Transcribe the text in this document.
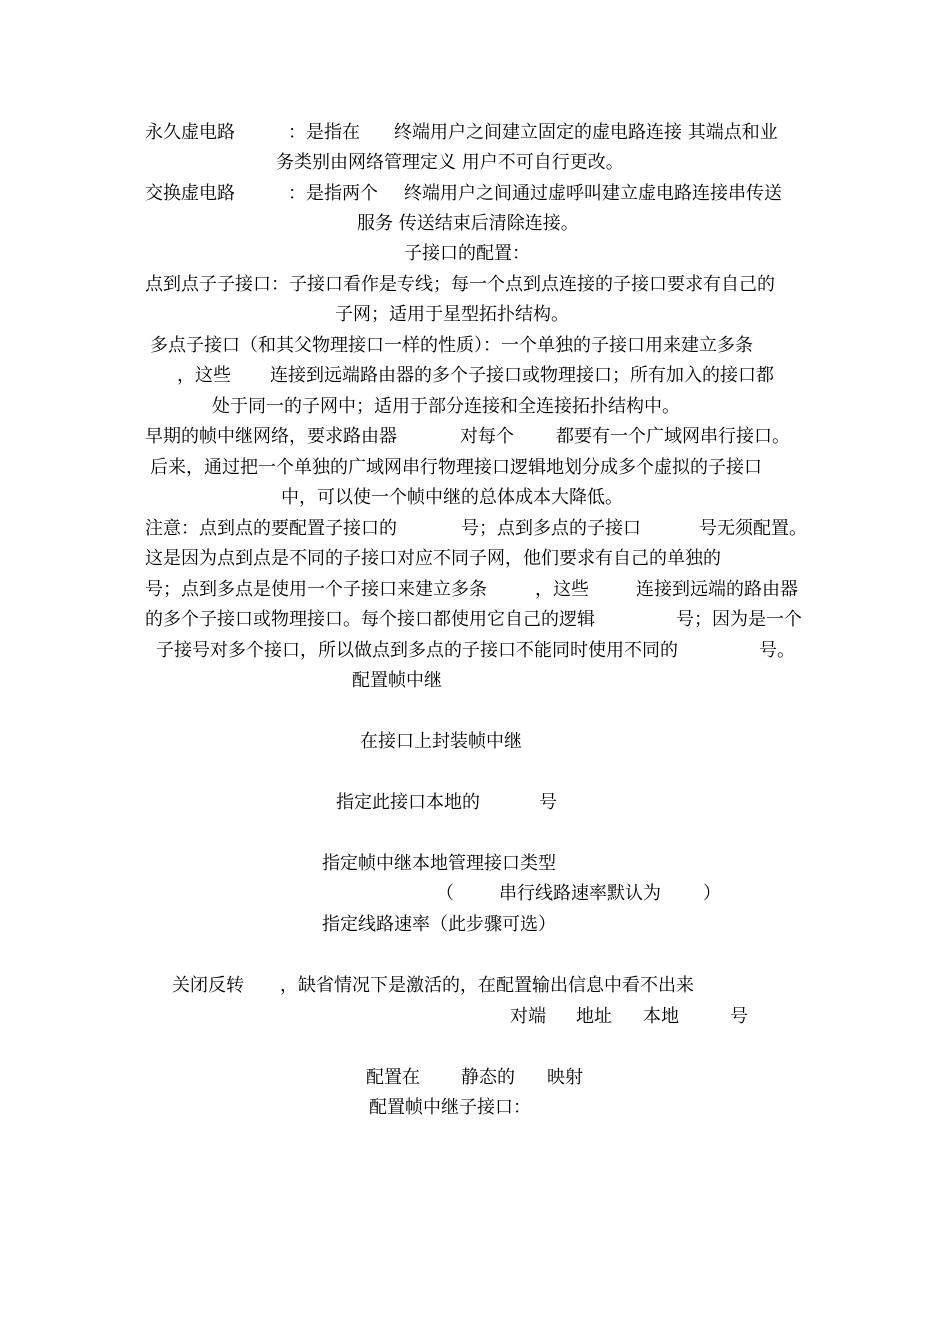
永久虚电路	：是指在 终端用户之间建立固定的虚电路连接 其端点和业
务类别由网络管理定义 用户不可自行更改。
交换虚电路	：是指两个 终端用户之间通过虚呼叫建立虚电路连接串传送
服务 传送结束后清除连接。
子接口的配置：
点到点子子接口：子接口看作是专线；每一个点到点连接的子接口要求有自己的
子网；适用于星型拓扑结构。
多点子接口（和其父物理接口一样的性质）：一个单独的子接口用来建立多条
，这些 连接到远端路由器的多个子接口或物理接口；所有加入的接口都
处于同一的子网中；适用于部分连接和全连接拓扑结构中。
早期的帧中继网络，要求路由器	对每个 都要有一个广域网串行接口。
后来，通过把一个单独的广域网串行物理接口逻辑地划分成多个虚拟的子接口
中，可以使一个帧中继的总体成本大降低。
注意：点到点的要配置子接口的	号；点到多点的子接口	号无须配置。
这是因为点到点是不同的子接口对应不同子网，他们要求有自己的单独的
号；点到多点是使用一个子接口来建立多条	，这些	连接到远端的路由器
的多个子接口或物理接口。每个接口都使用它自己的逻辑	号；因为是一个
子接号对多个接口，所以做点到多点的子接口不能同时使用不同的	号。
配置帧中继
在接口上封装帧中继
指定此接口本地的	号
指定帧中继本地管理接口类型
（	串行线路速率默认为 ）
指定线路速率（此步骤可选）
关闭反转 ，缺省情况下是激活的，在配置输出信息中看不出来
对端 地址 本地	号
配置在 静态的 映射
配置帧中继子接口：
